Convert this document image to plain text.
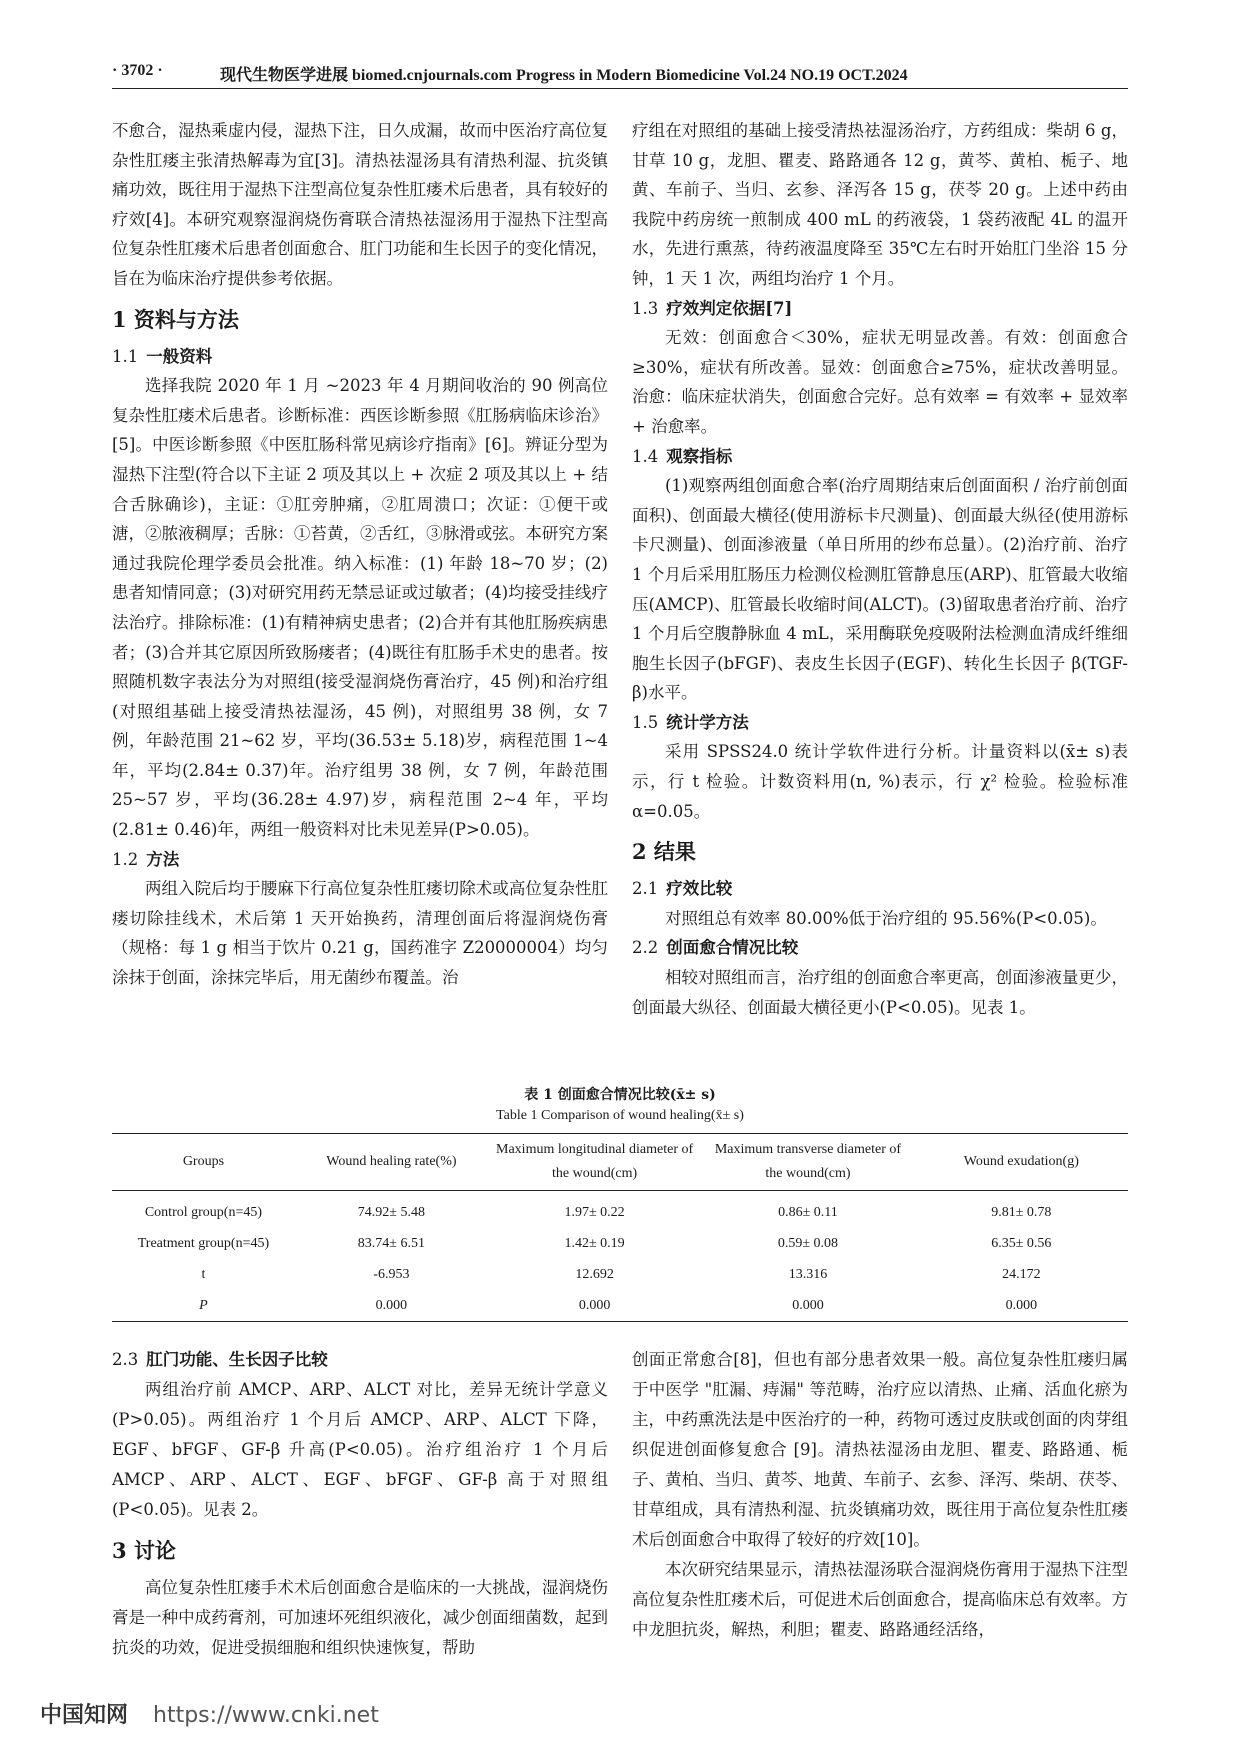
· 3702 ·	现代生物医学进展 biomed.cnjournals.com Progress in Modern Biomedicine Vol.24 NO.19 OCT.2024

不愈合，湿热乘虚内侵，湿热下注，日久成漏，故而中医治疗高位复杂性肛瘘主张清热解毒为宜[3]。清热祛湿汤具有清热利湿、抗炎镇痛功效，既往用于湿热下注型高位复杂性肛瘘术后患者，具有较好的疗效[4]。本研究观察湿润烧伤膏联合清热祛湿汤用于湿热下注型高位复杂性肛瘘术后患者创面愈合、肛门功能和生长因子的变化情况，旨在为临床治疗提供参考依据。

1 资料与方法
1.1 一般资料

选择我院 2020 年 1 月 ~2023 年 4 月期间收治的 90 例高位复杂性肛瘘术后患者。诊断标准：西医诊断参照《肛肠病临床诊治》[5]。中医诊断参照《中医肛肠科常见病诊疗指南》[6]。辨证分型为湿热下注型(符合以下主证 2 项及其以上 + 次症 2 项及其以上 + 结合舌脉确诊)，主证：①肛旁肿痛，②肛周溃口；次证：①便干或溏，②脓液稠厚；舌脉：①苔黄，②舌红，③脉滑或弦。本研究方案通过我院伦理学委员会批准。纳入标准：(1) 年龄 18~70 岁；(2)患者知情同意；(3)对研究用药无禁忌证或过敏者；(4)均接受挂线疗法治疗。排除标准：(1)有精神病史患者；(2)合并有其他肛肠疾病患者；(3)合并其它原因所致肠瘘者；(4)既往有肛肠手术史的患者。按照随机数字表法分为对照组(接受湿润烧伤膏治疗，45 例)和治疗组(对照组基础上接受清热祛湿汤，45 例)，对照组男 38 例，女 7 例，年龄范围 21~62 岁，平均(36.53± 5.18)岁，病程范围 1~4 年，平均(2.84± 0.37)年。治疗组男 38 例，女 7 例，年龄范围 25~57 岁，平均(36.28± 4.97)岁，病程范围 2~4 年，平均(2.81± 0.46)年，两组一般资料对比未见差异(P>0.05)。

1.2 方法

两组入院后均于腰麻下行高位复杂性肛瘘切除术或高位复杂性肛瘘切除挂线术，术后第 1 天开始换药，清理创面后将湿润烧伤膏（规格：每 1 g 相当于饮片 0.21 g，国药准字 Z20000004）均匀涂抹于创面，涂抹完毕后，用无菌纱布覆盖。治

疗组在对照组的基础上接受清热祛湿汤治疗，方药组成：柴胡 6 g，甘草 10 g，龙胆、瞿麦、路路通各 12 g，黄芩、黄柏、栀子、地黄、车前子、当归、玄参、泽泻各 15 g，茯苓 20 g。上述中药由我院中药房统一煎制成 400 mL 的药液袋，1 袋药液配 4L 的温开水，先进行熏蒸，待药液温度降至 35℃左右时开始肛门坐浴 15 分钟，1 天 1 次，两组均治疗 1 个月。

1.3 疗效判定依据[7]

无效：创面愈合＜30%，症状无明显改善。有效：创面愈合≥30%，症状有所改善。显效：创面愈合≥75%，症状改善明显。治愈：临床症状消失，创面愈合完好。总有效率 = 有效率 + 显效率 + 治愈率。

1.4 观察指标

(1)观察两组创面愈合率(治疗周期结束后创面面积 / 治疗前创面面积)、创面最大横径(使用游标卡尺测量)、创面最大纵径(使用游标卡尺测量)、创面渗液量（单日所用的纱布总量）。(2)治疗前、治疗 1 个月后采用肛肠压力检测仪检测肛管静息压(ARP)、肛管最大收缩压(AMCP)、肛管最长收缩时间(ALCT)。(3)留取患者治疗前、治疗 1 个月后空腹静脉血 4 mL，采用酶联免疫吸附法检测血清成纤维细胞生长因子(bFGF)、表皮生长因子(EGF)、转化生长因子 β(TGF-β)水平。

1.5 统计学方法

采用 SPSS24.0 统计学软件进行分析。计量资料以(x̄± s)表示，行 t 检验。计数资料用(n, %)表示，行 χ² 检验。检验标准 α=0.05。

2 结果
2.1 疗效比较

对照组总有效率 80.00%低于治疗组的 95.56%(P<0.05)。

2.2 创面愈合情况比较

相较对照组而言，治疗组的创面愈合率更高，创面渗液量更少，创面最大纵径、创面最大横径更小(P<0.05)。见表 1。

表 1 创面愈合情况比较(x̄± s)
Table 1 Comparison of wound healing(x̄± s)
Groups	Wound healing rate(%)	Maximum longitudinal diameter of the wound(cm)	Maximum transverse diameter of the wound(cm)	Wound exudation(g)
Control group(n=45)	74.92± 5.48	1.97± 0.22	0.86± 0.11	9.81± 0.78
Treatment group(n=45)	83.74± 6.51	1.42± 0.19	0.59± 0.08	6.35± 0.56
t	-6.953	12.692	13.316	24.172
P	0.000	0.000	0.000	0.000
2.3 肛门功能、生长因子比较

两组治疗前 AMCP、ARP、ALCT 对比，差异无统计学意义(P>0.05)。两组治疗 1 个月后 AMCP、ARP、ALCT 下降，EGF、bFGF、GF-β 升高(P<0.05)。治疗组治疗 1 个月后 AMCP、ARP、ALCT、EGF、bFGF、GF-β 高于对照组(P<0.05)。见表 2。

3 讨论

高位复杂性肛瘘手术术后创面愈合是临床的一大挑战，湿润烧伤膏是一种中成药膏剂，可加速坏死组织液化，减少创面细菌数，起到抗炎的功效，促进受损细胞和组织快速恢复，帮助

创面正常愈合[8]，但也有部分患者效果一般。高位复杂性肛瘘归属于中医学 "肛漏、痔漏" 等范畴，治疗应以清热、止痛、活血化瘀为主，中药熏洗法是中医治疗的一种，药物可透过皮肤或创面的肉芽组织促进创面修复愈合 [9]。清热祛湿汤由龙胆、瞿麦、路路通、栀子、黄柏、当归、黄芩、地黄、车前子、玄参、泽泻、柴胡、茯苓、甘草组成，具有清热利湿、抗炎镇痛功效，既往用于高位复杂性肛瘘术后创面愈合中取得了较好的疗效[10]。

本次研究结果显示，清热祛湿汤联合湿润烧伤膏用于湿热下注型高位复杂性肛瘘术后，可促进术后创面愈合，提高临床总有效率。方中龙胆抗炎，解热，利胆；瞿麦、路路通经活络，

中国知网 https://www.cnki.net
